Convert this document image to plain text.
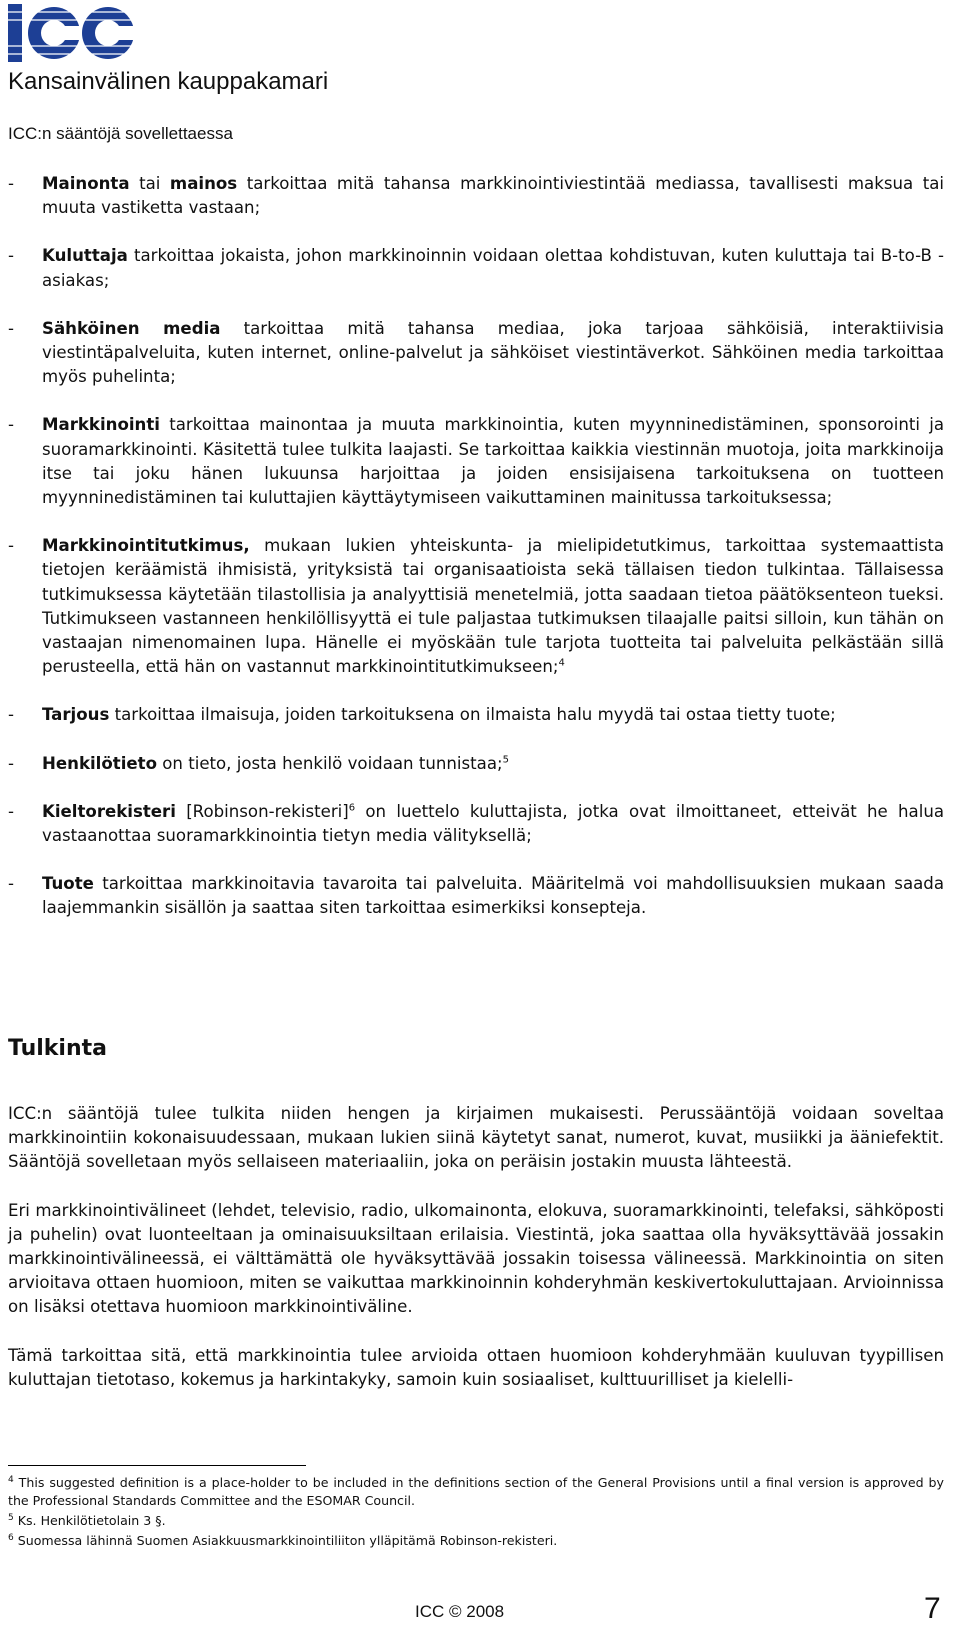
Kansainvälinen kauppakamari
ICC:n sääntöjä sovellettaessa
-	Mainonta tai mainos tarkoittaa mitä tahansa markkinointiviestintää mediassa, tavallisesti maksua tai muuta vastiketta vastaan;
-	Kuluttaja tarkoittaa jokaista, johon markkinoinnin voidaan olettaa kohdistuvan, kuten kuluttaja tai B-to-B -asiakas;
-	Sähköinen media tarkoittaa mitä tahansa mediaa, joka tarjoaa sähköisiä, interaktiivisia viestintäpalveluita, kuten internet, online-palvelut ja sähköiset viestintäverkot. Sähköinen media tarkoittaa myös puhelinta;
-	Markkinointi tarkoittaa mainontaa ja muuta markkinointia, kuten myynninedistäminen, sponsorointi ja suoramarkkinointi. Käsitettä tulee tulkita laajasti. Se tarkoittaa kaikkia viestinnän muotoja, joita markkinoija itse tai joku hänen lukuunsa harjoittaa ja joiden ensisijaisena tarkoituksena on tuotteen myynninedistäminen tai kuluttajien käyttäytymiseen vaikuttaminen mainitussa tarkoituksessa;
-	Markkinointitutkimus, mukaan lukien yhteiskunta- ja mielipidetutkimus, tarkoittaa systemaattista tietojen keräämistä ihmisistä, yrityksistä tai organisaatioista sekä tällaisen tiedon tulkintaa. Tällaisessa tutkimuksessa käytetään tilastollisia ja analyyttisiä menetelmiä, jotta saadaan tietoa päätöksenteon tueksi. Tutkimukseen vastanneen henkilöllisyyttä ei tule paljastaa tutkimuksen tilaajalle paitsi silloin, kun tähän on vastaajan nimenomainen lupa. Hänelle ei myöskään tule tarjota tuotteita tai palveluita pelkästään sillä perusteella, että hän on vastannut markkinointitutkimukseen;$^4$
-	Tarjous tarkoittaa ilmaisuja, joiden tarkoituksena on ilmaista halu myydä tai ostaa tietty tuote;
-	Henkilötieto on tieto, josta henkilö voidaan tunnistaa;$^5$
-	Kieltorekisteri [Robinson-rekisteri]$^6$ on luettelo kuluttajista, jotka ovat ilmoittaneet, etteivät he halua vastaanottaa suoramarkkinointia tietyn media välityksellä;
-	Tuote tarkoittaa markkinoitavia tavaroita tai palveluita. Määritelmä voi mahdollisuuksien mukaan saada laajemmankin sisällön ja saattaa siten tarkoittaa esimerkiksi konsepteja.
Tulkinta

ICC:n sääntöjä tulee tulkita niiden hengen ja kirjaimen mukaisesti. Perussääntöjä voidaan soveltaa markkinointiin kokonaisuudessaan, mukaan lukien siinä käytetyt sanat, numerot, kuvat, musiikki ja ääniefektit. Sääntöjä sovelletaan myös sellaiseen materiaaliin, joka on peräisin jostakin muusta lähteestä.

Eri markkinointivälineet (lehdet, televisio, radio, ulkomainonta, elokuva, suoramarkkinointi, telefaksi, sähköposti ja puhelin) ovat luonteeltaan ja ominaisuuksiltaan erilaisia. Viestintä, joka saattaa olla hyväksyttävää jossakin markkinointivälineessä, ei välttämättä ole hyväksyttävää jossakin toisessa välineessä. Markkinointia on siten arvioitava ottaen huomioon, miten se vaikuttaa markkinoinnin kohderyhmän keskivertokuluttajaan. Arvioinnissa on lisäksi otettava huomioon markkinointiväline.

Tämä tarkoittaa sitä, että markkinointia tulee arvioida ottaen huomioon kohderyhmään kuuluvan tyypillisen kuluttajan tietotaso, kokemus ja harkintakyky, samoin kuin sosiaaliset, kulttuurilliset ja kielelli-

$^4$ This suggested definition is a place-holder to be included in the definitions section of the General Provisions until a final version is approved by the Professional Standards Committee and the ESOMAR Council.

$^5$ Ks. Henkilötietolain 3 §.

$^6$ Suomessa lähinnä Suomen Asiakkuusmarkkinointiliiton ylläpitämä Robinson-rekisteri.

ICC © 2008	7
